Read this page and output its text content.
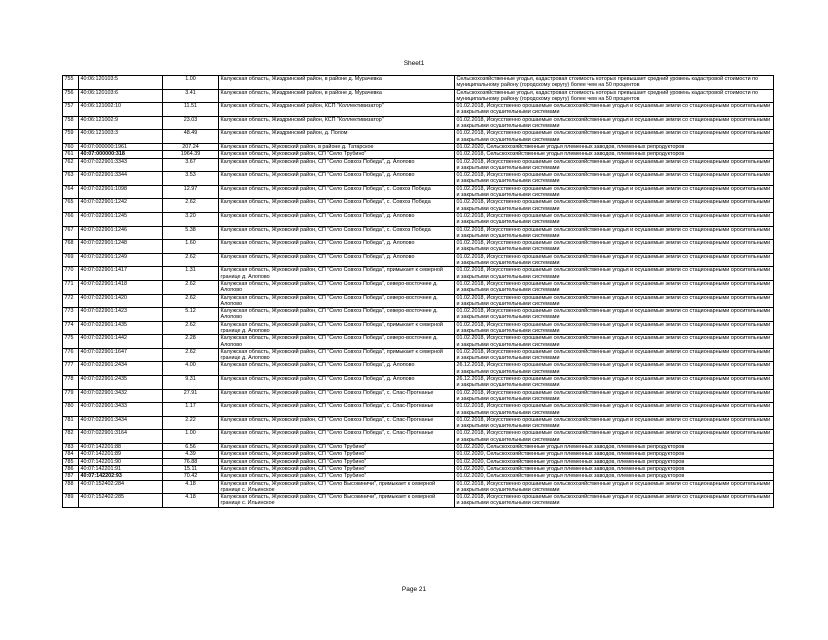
Sheet1
755	40:06:120103:5	1.00	Калужская область, Жиздринский район, в районе д. Мурачевка	Сельскохозяйственные угодья, кадастровая стоимость которых превышает средний уровень кадастровой стоимости по муниципальному району (городскому округу) более чем на 50 процентов
756	40:06:120103:6	3.41	Калужская область, Жиздринский район, в районе д. Мурачевка	Сельскохозяйственные угодья, кадастровая стоимость которых превышает средний уровень кадастровой стоимости по муниципальному району (городскому округу) более чем на 50 процентов
757	40:06:121002:10	11.51	Калужская область, Жиздринский район, КСП "Коллективизатор"	01.02.2018, Искусственно орошаемые сельскохозяйственные угодья и осушаемые земли со стационарными оросительными и закрытыми осушительными системами
758	40:06:121002:9	23.03	Калужская область, Жиздринский район, КСП "Коллективизатор"	01.02.2018, Искусственно орошаемые сельскохозяйственные угодья и осушаемые земли со стационарными оросительными и закрытыми осушительными системами
759	40:06:121003:3	48.49	Калужская область, Жиздринский район, д. Полом	01.02.2018, Искусственно орошаемые сельскохозяйственные угодья и осушаемые земли со стационарными оросительными и закрытыми осушительными системами
760	40:07:000000:1961	207.24	Калужская область, Жуковский район, в районе д. Татарское	01.02.2020, Сельскохозяйственные угодья племенных заводов, племенных репродукторов
761	40:07:000000:318	1964.39	Калужская область, Жуковский район, СП "Село Трубино"	01.02.2018, Сельскохозяйственные угодья племенных заводов, племенных репродукторов
762	40:07:022901:3343	3.67	Калужская область, Жуковский район, СП "Село Совхоз Победа", д. Алопово	01.02.2018, Искусственно орошаемые сельскохозяйственные угодья и осушаемые земли со стационарными оросительными и закрытыми осушительными системами
763	40:07:022901:3344	3.53	Калужская область, Жуковский район, СП "Село Совхоз Победа", д. Алопово	01.02.2018, Искусственно орошаемые сельскохозяйственные угодья и осушаемые земли со стационарными оросительными и закрытыми осушительными системами
764	40:07:022901:1098	12.97	Калужская область, Жуковский район, СП "Село Совхоз Победа", с. Совхоз Победа	01.02.2018, Искусственно орошаемые сельскохозяйственные угодья и осушаемые земли со стационарными оросительными и закрытыми осушительными системами
765	40:07:022901:1242	2.62	Калужская область, Жуковский район, СП "Село Совхоз Победа", с. Совхоз Победа	01.02.2018, Искусственно орошаемые сельскохозяйственные угодья и осушаемые земли со стационарными оросительными и закрытыми осушительными системами
766	40:07:022901:1245	3.20	Калужская область, Жуковский район, СП "Село Совхоз Победа", д. Алопово	01.02.2018, Искусственно орошаемые сельскохозяйственные угодья и осушаемые земли со стационарными оросительными и закрытыми осушительными системами
767	40:07:022901:1246	5.38	Калужская область, Жуковский район, СП "Село Совхоз Победа", с. Совхоз Победа	01.02.2018, Искусственно орошаемые сельскохозяйственные угодья и осушаемые земли со стационарными оросительными и закрытыми осушительными системами
768	40:07:022901:1248	1.60	Калужская область, Жуковский район, СП "Село Совхоз Победа", д. Алопово	01.02.2018, Искусственно орошаемые сельскохозяйственные угодья и осушаемые земли со стационарными оросительными и закрытыми осушительными системами
769	40:07:022901:1249	2.62	Калужская область, Жуковский район, СП "Село Совхоз Победа", д. Алопово	01.02.2018, Искусственно орошаемые сельскохозяйственные угодья и осушаемые земли со стационарными оросительными и закрытыми осушительными системами
770	40:07:022901:1417	1.31	Калужская область, Жуковский район, СП "Село Совхоз Победа", примыкает к северной границе д. Алопово	01.02.2018, Искусственно орошаемые сельскохозяйственные угодья и осушаемые земли со стационарными оросительными и закрытыми осушительными системами
771	40:07:022901:1418	2.62	Калужская область, Жуковский район, СП "Село Совхоз Победа", северо-восточнее д. Алопово	01.02.2018, Искусственно орошаемые сельскохозяйственные угодья и осушаемые земли со стационарными оросительными и закрытыми осушительными системами
772	40:07:022901:1420	2.62	Калужская область, Жуковский район, СП "Село Совхоз Победа", северо-восточнее д. Алопово	01.02.2018, Искусственно орошаемые сельскохозяйственные угодья и осушаемые земли со стационарными оросительными и закрытыми осушительными системами
773	40:07:022901:1423	5.12	Калужская область, Жуковский район, СП "Село Совхоз Победа", северо-восточнее д. Алопово	01.02.2018, Искусственно орошаемые сельскохозяйственные угодья и осушаемые земли со стационарными оросительными и закрытыми осушительными системами
774	40:07:022901:1435	2.62	Калужская область, Жуковский район, СП "Село Совхоз Победа", примыкает к северной границе д. Алопово	01.02.2018, Искусственно орошаемые сельскохозяйственные угодья и осушаемые земли со стационарными оросительными и закрытыми осушительными системами
775	40:07:022901:1442	2.28	Калужская область, Жуковский район, СП "Село Совхоз Победа", северо-восточнее д. Алопово	01.02.2018, Искусственно орошаемые сельскохозяйственные угодья и осушаемые земли со стационарными оросительными и закрытыми осушительными системами
776	40:07:022901:1647	2.62	Калужская область, Жуковский район, СП "Село Совхоз Победа", примыкает к северной границе д. Алопово	01.02.2018, Искусственно орошаемые сельскохозяйственные угодья и осушаемые земли со стационарными оросительными и закрытыми осушительными системами
777	40:07:022901:2434	4.00	Калужская область, Жуковский район, СП "Село Совхоз Победа", д. Алопово	26.12.2018, Искусственно орошаемые сельскохозяйственные угодья и осушаемые земли со стационарными оросительными и закрытыми осушительными системами
778	40:07:022901:2435	9.31	Калужская область, Жуковский район, СП "Село Совхоз Победа", д. Алопово	26.12.2018, Искусственно орошаемые сельскохозяйственные угодья и осушаемые земли со стационарными оросительными и закрытыми осушительными системами
779	40:07:022901:3432	27.91	Калужская область, Жуковский район, СП "Село Совхоз Победа", с. Спас-Прогнанье	01.02.2018, Искусственно орошаемые сельскохозяйственные угодья и осушаемые земли со стационарными оросительными и закрытыми осушительными системами
780	40:07:022901:3433	1.17	Калужская область, Жуковский район, СП "Село Совхоз Победа", с. Спас-Прогнанье	01.02.2018, Искусственно орошаемые сельскохозяйственные угодья и осушаемые земли со стационарными оросительными и закрытыми осушительными системами
781	40:07:022901:3434	2.22	Калужская область, Жуковский район, СП "Село Совхоз Победа", с. Спас-Прогнанье	01.02.2018, Искусственно орошаемые сельскохозяйственные угодья и осушаемые земли со стационарными оросительными и закрытыми осушительными системами
782	40:07:022901:3164	1.00	Калужская область, Жуковский район, СП "Село Совхоз Победа", с. Спас-Прогнанье	01.02.2018, Искусственно орошаемые сельскохозяйственные угодья и осушаемые земли со стационарными оросительными и закрытыми осушительными системами
783	40:07:142201:88	6.56	Калужская область, Жуковский район, СП "Село Трубино"	01.02.2020, Сельскохозяйственные угодья племенных заводов, племенных репродукторов
784	40:07:142201:89	4.39	Калужская область, Жуковский район, СП "Село Трубино"	01.02.2020, Сельскохозяйственные угодья племенных заводов, племенных репродукторов
785	40:07:142201:90	76.88	Калужская область, Жуковский район, СП "Село Трубино"	01.02.2020, Сельскохозяйственные угодья племенных заводов, племенных репродукторов
786	40:07:142201:91	15.11	Калужская область, Жуковский район, СП "Село Трубино"	01.02.2020, Сельскохозяйственные угодья племенных заводов, племенных репродукторов
787	40:07:142202:93	70.42	Калужская область, Жуковский район, СП "Село Трубино"	01.02.2020, Сельскохозяйственные угодья племенных заводов, племенных репродукторов
788	40:07:152402:284	4.18	Калужская область, Жуковский район, СП "Село Высокиничи", примыкает к северной границе с. Ильинское	01.02.2018, Искусственно орошаемые сельскохозяйственные угодья и осушаемые земли со стационарными оросительными и закрытыми осушительными системами
789	40:07:152402:285	4.18	Калужская область, Жуковский район, СП "Село Высокиничи", примыкает к северной границе с. Ильинское	01.02.2018, Искусственно орошаемые сельскохозяйственные угодья и осушаемые земли со стационарными оросительными и закрытыми осушительными системами
Page 21
